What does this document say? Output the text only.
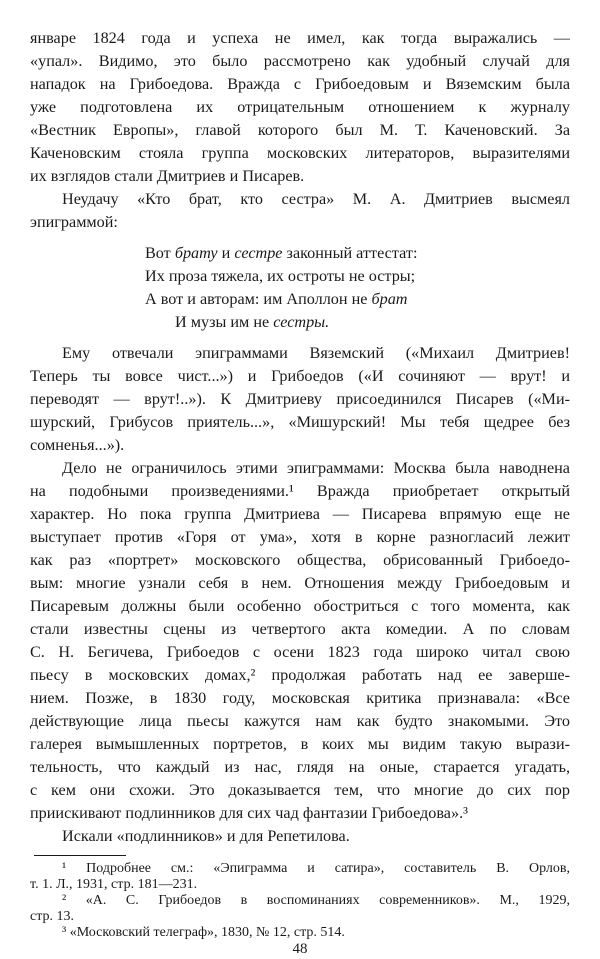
январе 1824 года и успеха не имел, как тогда выражались —
«упал». Видимо, это было рассмотрено как удобный случай для
нападок на Грибоедова. Вражда с Грибоедовым и Вяземским была
уже подготовлена их отрицательным отношением к журналу
«Вестник Европы», главой которого был М. Т. Каченовский. За
Каченовским стояла группа московских литераторов, выразителями
их взглядов стали Дмитриев и Писарев.
Неудачу «Кто брат, кто сестра» М. А. Дмитриев высмеял
эпиграммой:
Вот брату и сестре законный аттестат:
Их проза тяжела, их остроты не остры;
А вот и авторам: им Аполлон не брат
И музы им не сестры.
Ему отвечали эпиграммами Вяземский («Михаил Дмитриев!
Теперь ты вовсе чист...») и Грибоедов («И сочиняют — врут! и
переводят — врут!..»). К Дмитриеву присоединился Писарев («Ми-
шурский, Грибусов приятель...», «Мишурский! Мы тебя щедрее без
сомненья...»).
Дело не ограничилось этими эпиграммами: Москва была наводнена
на подобными произведениями.¹ Вражда приобретает открытый
характер. Но пока группа Дмитриева — Писарева впрямую еще не
выступает против «Горя от ума», хотя в корне разногласий лежит
как раз «портрет» московского общества, обрисованный Грибоедо-
вым: многие узнали себя в нем. Отношения между Грибоедовым и
Писаревым должны были особенно обостриться с того момента, как
стали известны сцены из четвертого акта комедии. А по словам
С. Н. Бегичева, Грибоедов с осени 1823 года широко читал свою
пьесу в московских домах,² продолжая работать над ее заверше-
нием. Позже, в 1830 году, московская критика признавала: «Все
действующие лица пьесы кажутся нам как будто знакомыми. Это
галерея вымышленных портретов, в коих мы видим такую вырази-
тельность, что каждый из нас, глядя на оные, старается угадать,
с кем они схожи. Это доказывается тем, что многие до сих пор
приискивают подлинников для сих чад фантазии Грибоедова».³
Искали «подлинников» и для Репетилова.
¹ Подробнее см.: «Эпиграмма и сатира», составитель В. Орлов,
т. 1. Л., 1931, стр. 181—231.
² «А. С. Грибоедов в воспоминаниях современников». М., 1929,
стр. 13.
³ «Московский телеграф», 1830, № 12, стр. 514.
48
